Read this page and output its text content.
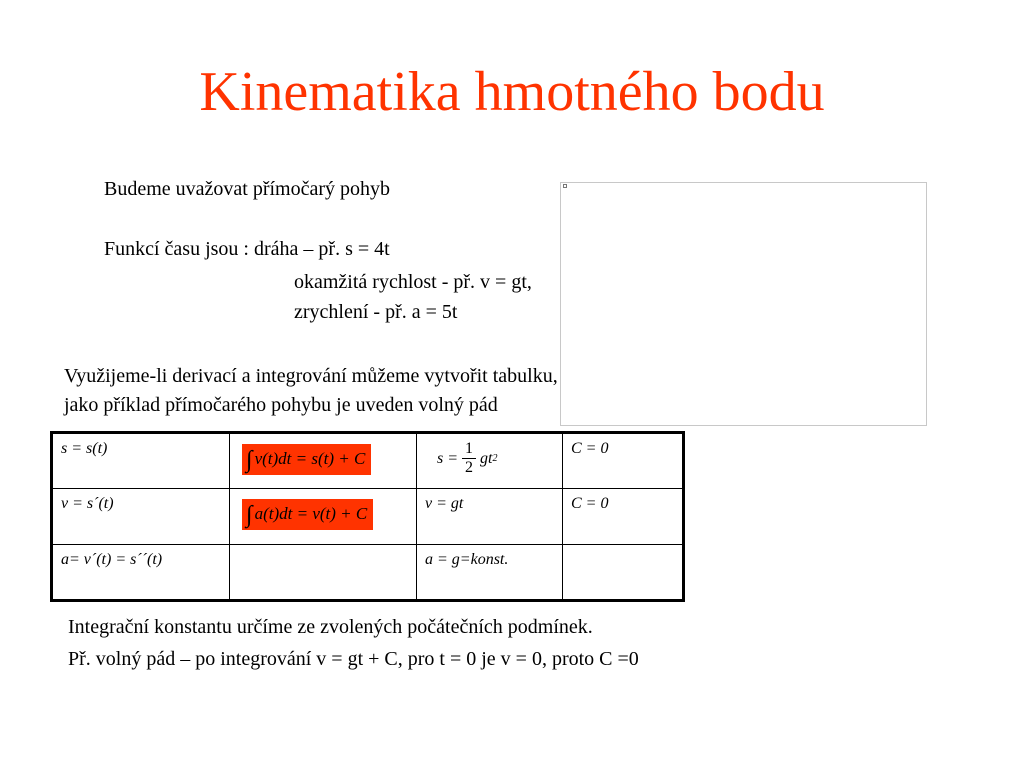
Kinematika hmotného bodu
Budeme uvažovat přímočarý pohyb
Funkcí času jsou : dráha – př. s = 4t
okamžitá rychlost - př. v = gt,
zrychlení - př. a = 5t
Využijeme-li derivací a integrování můžeme vytvořit tabulku,
jako příklad přímočarého pohybu je uveden volný pád
s = s(t)	∫ v(t)dt = s(t) + C	$s = \frac{1}{2}$ gt 2	C = 0
v = s´(t)	∫ a(t)dt = v(t) + C	v = gt	C = 0
a= v´(t) = s´´(t)		a = g=konst.	
Integrační konstantu určíme ze zvolených počátečních podmínek.
Př. volný pád – po integrování v = gt + C, pro t = 0 je v = 0, proto C =0
